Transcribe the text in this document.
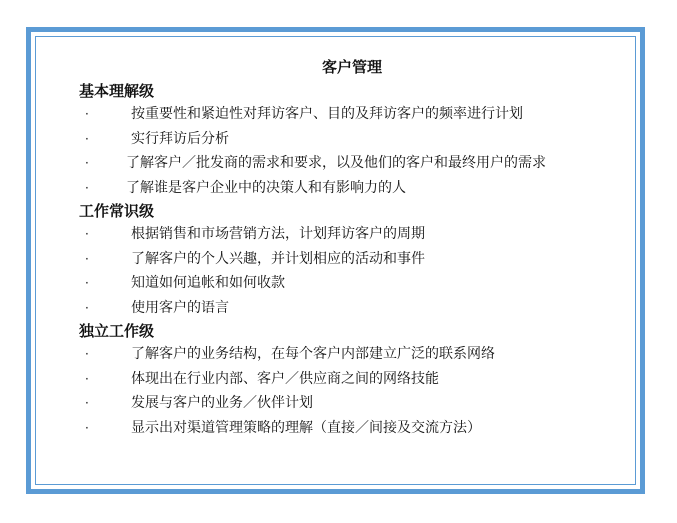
客户管理
基本理解级
·	按重要性和紧迫性对拜访客户、目的及拜访客户的频率进行计划
·	实行拜访后分析
·	了解客户／批发商的需求和要求，以及他们的客户和最终用户的需求
·	了解谁是客户企业中的决策人和有影响力的人
工作常识级
·	根据销售和市场营销方法，计划拜访客户的周期
·	了解客户的个人兴趣，并计划相应的活动和事件
·	知道如何追帐和如何收款
·	使用客户的语言
独立工作级
·	了解客户的业务结构，在每个客户内部建立广泛的联系网络
·	体现出在行业内部、客户／供应商之间的网络技能
·	发展与客户的业务／伙伴计划
·	显示出对渠道管理策略的理解（直接／间接及交流方法）
